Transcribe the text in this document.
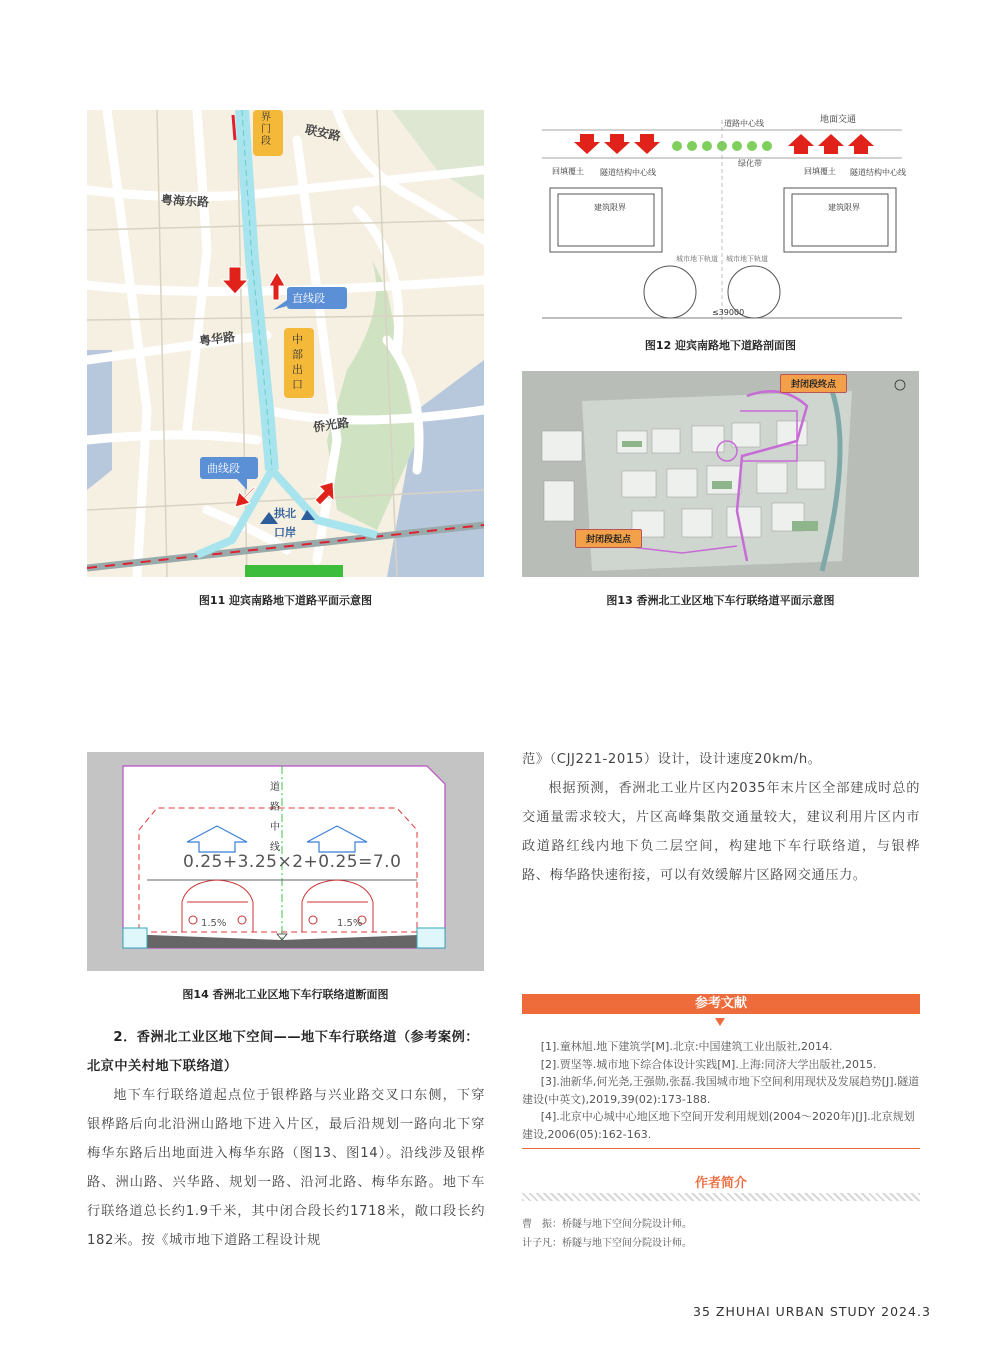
粤海东路
联安路
粤华路
侨光路
界门段
直线段
中部出口
曲线段
拱北
口岸
图11 迎宾南路地下道路平面示意图
道路中心线	地面交通
回填覆土 隧道结构中心线
绿化带
回填覆土 隧道结构中心线
建筑限界	建筑限界
城市地下轨道 城市地下轨道
≤39000
图12 迎宾南路地下道路剖面图
封闭段终点
封闭段起点
图13 香洲北工业区地下车行联络道平面示意图
道路中线
0.25+3.25×2+0.25=7.0
1.5%	1.5%
图14 香洲北工业区地下车行联络道断面图
2．香洲北工业区地下空间——地下车行联络道（参考案例：北京中关村地下联络道）

地下车行联络道起点位于银桦路与兴业路交叉口东侧，下穿银桦路后向北沿洲山路地下进入片区，最后沿规划一路向北下穿梅华东路后出地面进入梅华东路（图13、图14）。沿线涉及银桦路、洲山路、兴华路、规划一路、沿河北路、梅华东路。地下车行联络道总长约1.9千米，其中闭合段长约1718米，敞口段长约182米。按《城市地下道路工程设计规

范》（CJJ221-2015）设计，设计速度20km/h。

根据预测，香洲北工业片区内2035年末片区全部建成时总的交通量需求较大，片区高峰集散交通量较大，建议利用片区内市政道路红线内地下负二层空间，构建地下车行联络道，与银桦路、梅华路快速衔接，可以有效缓解片区路网交通压力。

参考文献

[1].童林旭.地下建筑学[M].北京:中国建筑工业出版社,2014.

[2].贾坚等.城市地下综合体设计实践[M].上海:同济大学出版社,2015.

[3].油新华,何光尧,王强勋,张磊.我国城市地下空间利用现状及发展趋势[J].隧道建设(中英文),2019,39(02):173-188.

[4].北京中心城中心地区地下空间开发利用规划(2004～2020年)[J].北京规划建设,2006(05):162-163.

作者简介
曹　振：桥隧与地下空间分院设计师。
计子凡：桥隧与地下空间分院设计师。
35 ZHUHAI URBAN STUDY 2024.3
